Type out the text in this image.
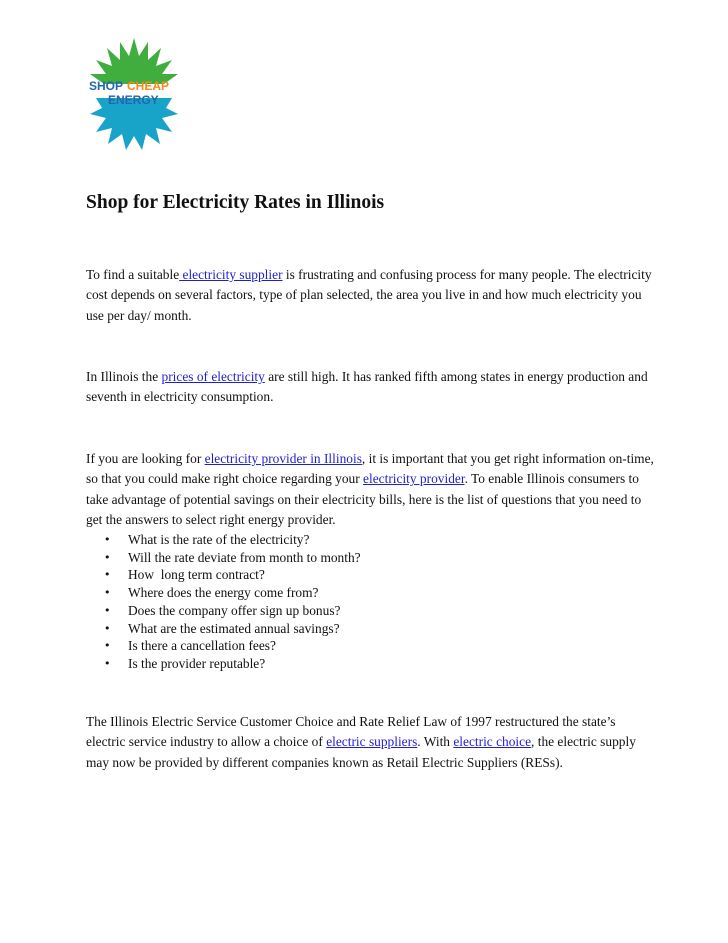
SHOP CHEAP
ENERGY
Shop for Electricity Rates in Illinois

To find a suitable electricity supplier is frustrating and confusing process for many people. The electricity cost depends on several factors, type of plan selected, the area you live in and how much electricity you use per day/ month.

In Illinois the prices of electricity are still high. It has ranked fifth among states in energy production and seventh in electricity consumption.

If you are looking for electricity provider in Illinois, it is important that you get right information on-time, so that you could make right choice regarding your electricity provider. To enable Illinois consumers to take advantage of potential savings on their electricity bills, here is the list of questions that you need to get the answers to select right energy provider.

• What is the rate of the electricity?
• Will the rate deviate from month to month?
• How  long term contract?
• Where does the energy come from?
• Does the company offer sign up bonus?
• What are the estimated annual savings?
• Is there a cancellation fees?
• Is the provider reputable?

The Illinois Electric Service Customer Choice and Rate Relief Law of 1997 restructured the state’s electric service industry to allow a choice of electric suppliers. With electric choice, the electric supply may now be provided by different companies known as Retail Electric Suppliers (RESs).
